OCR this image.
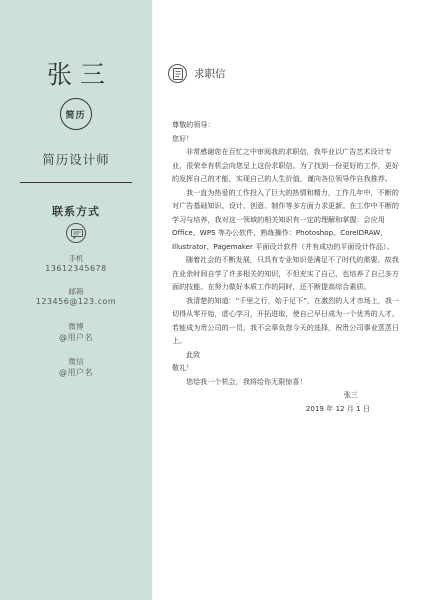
张三
简历
简历设计师
联系方式
手机
13612345678
邮箱
123456@123.com
微博
@用户名
微信
@用户名
求职信

尊敬的领导：

您好！

非常感谢您在百忙之中审阅我的求职信，我毕业以广告艺术设计专业，很荣幸有机会向您呈上这份求职信。为了找到一份更好的工作，更好的发挥自己的才能，实现自己的人生价值，谨向各位领导作自我推荐。

我一直为热爱的工作投入了巨大的热情和精力，工作几年中，不断的对广告基础知识、设计、创意、制作等多方面力求更新。在工作中不断的学习与培养，我对这一领域的相关知识有一定的理解和掌握：会应用 Office、WPS 等办公软件，熟练操作：Photoshop、CorelDRAW、Illustrator、Pagemaker 平面设计软件（并有成功的平面设计作品）。

随着社会的不断发展，只具有专业知识是满足不了时代的需要。故我在业余时间自学了许多相关的知识，不但充实了自己，也培养了自己多方面的技能。在努力做好本质工作的同时，还不断提高综合素质。

我清楚的知道：“千里之行，始于足下”，在激烈的人才市场上，我一切得从零开始，虚心学习，开拓进取，使自己早日成为一个优秀的人才。若能成为贵公司的一员，我不会辜负您今天的选择，祝贵公司事业蒸蒸日上。

此致

敬礼！

您给我一个机会，我将给你无限惊喜！

张三

2019 年 12 月 1 日
